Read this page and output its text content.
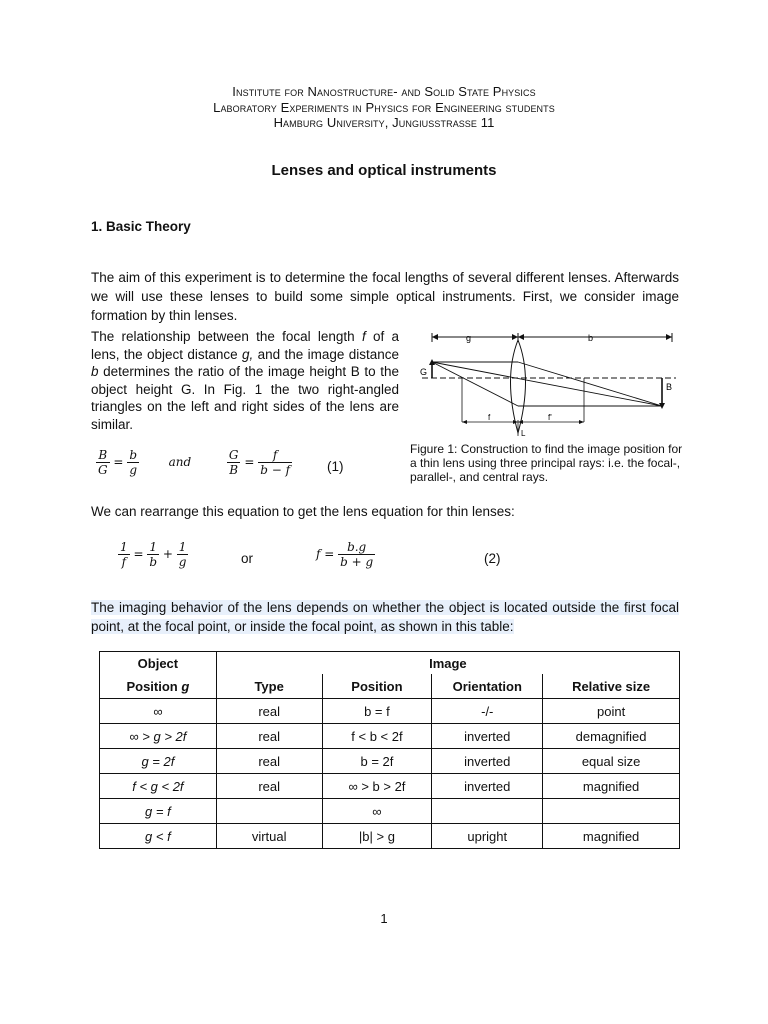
Institute for Nanostructure- and Solid State Physics
Laboratory Experiments in Physics for Engineering students
Hamburg University, Jungiusstraße 11
Lenses and optical instruments
1. Basic Theory
The aim of this experiment is to determine the focal lengths of several different lenses. Afterwards we will use these lenses to build some simple optical instruments. First, we consider image formation by thin lenses.
The relationship between the focal length f of a lens, the object distance g, and the image distance b determines the ratio of the image height B to the object height G. In Fig. 1 the two right-angled triangles on the left and right sides of the lens are similar.
$\frac{B}{G} = \frac{b}{g}$ and	$\frac{G}{B} = \frac{f}{b - f}$	(1)
g	b
G
B
f	f'
L
Figure 1: Construction to find the image position for a thin lens using three principal rays: i.e. the focal-, parallel-, and central rays.
We can rearrange this equation to get the lens equation for thin lenses:
$\frac{1}{f} = \frac{1}{b} + \frac{1}{g}$	or	$f = \frac{b.g}{b + g}$	(2)
The imaging behavior of the lens depends on whether the object is located outside the first focal point, at the focal point, or inside the focal point, as shown in this table:
Object	Image			
Position g	Type	Position	Orientation	Relative size
∞	real	b = f	-/-	point
∞ > g > 2f	real	f < b < 2f	inverted	demagnified
g = 2f	real	b = 2f	inverted	equal size
f < g < 2f	real	∞ > b > 2f	inverted	magnified
g = f		∞		
g < f	virtual	|b| > g	upright	magnified
1
